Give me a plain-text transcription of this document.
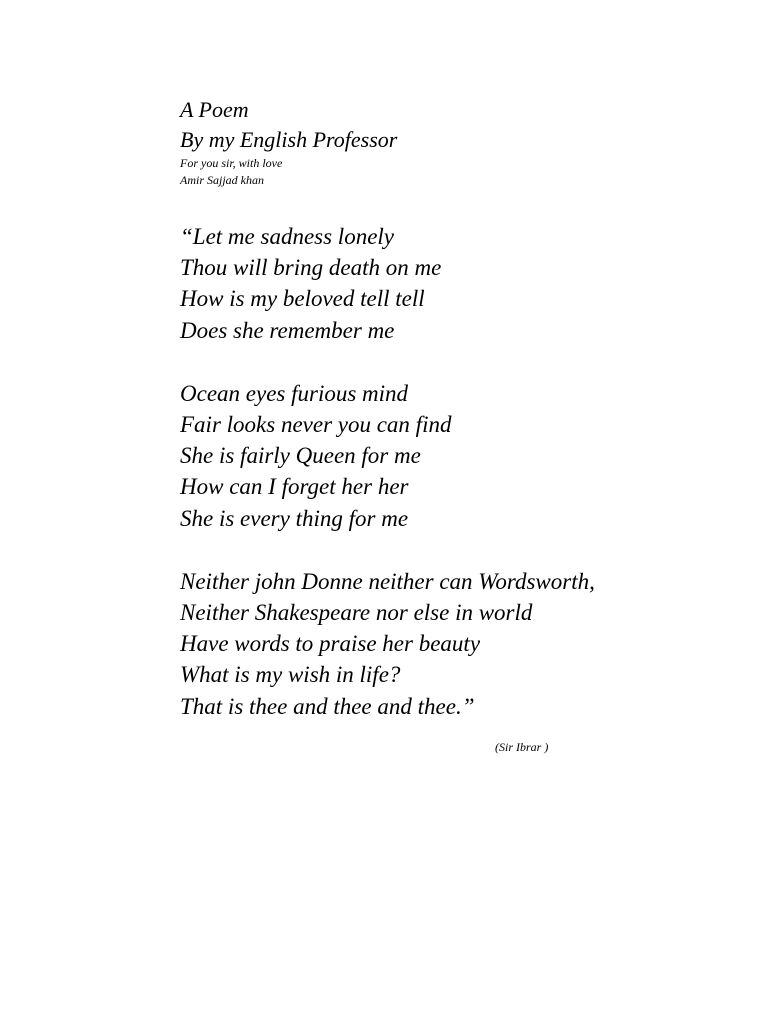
A Poem

By my English Professor

For you sir, with love

Amir Sajjad khan

“Let me sadness lonely
Thou will bring death on me
How is my beloved tell tell
Does she remember me
Ocean eyes furious mind
Fair looks never you can find
She is fairly Queen for me
How can I forget her her
She is every thing for me
Neither john Donne neither can Wordsworth,
Neither Shakespeare nor else in world
Have words to praise her beauty
What is my wish in life?
That is thee and thee and thee.”
(Sir Ibrar )
